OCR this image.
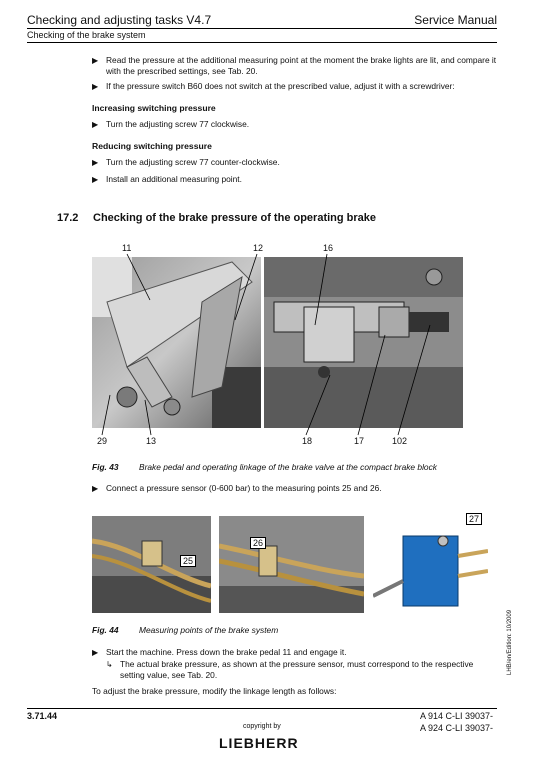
Checking and adjusting tasks V4.7	Service Manual
Checking of the brake system
▶ Read the pressure at the additional measuring point at the moment the brake lights are lit, and compare it with the prescribed settings, see Tab. 20.
▶ If the pressure switch B60 does not switch at the prescribed value, adjust it with a screwdriver:
Increasing switching pressure
▶ Turn the adjusting screw 77 clockwise.
Reducing switching pressure
▶ Turn the adjusting screw 77 counter-clockwise.
▶ Install an additional measuring point.
17.2 Checking of the brake pressure of the operating brake
11	12
29	13
16
18	17	102
Fig. 43 Brake pedal and operating linkage of the brake valve at the compact brake block
▶ Connect a pressure sensor (0-600 bar) to the measuring points 25 and 26.
25
26
27
Fig. 44 Measuring points of the brake system
▶ Start the machine. Press down the brake pedal 11 and engage it.
↳ The actual brake pressure, as shown at the pressure sensor, must correspond to the respective setting value, see Tab. 20.
To adjust the brake pressure, modify the linkage length as follows:
LHB/en/Edition: 10/2009
3.71.44
copyright by
LIEBHERR
A 914 C-LI 39037-
A 924 C-LI 39037-
